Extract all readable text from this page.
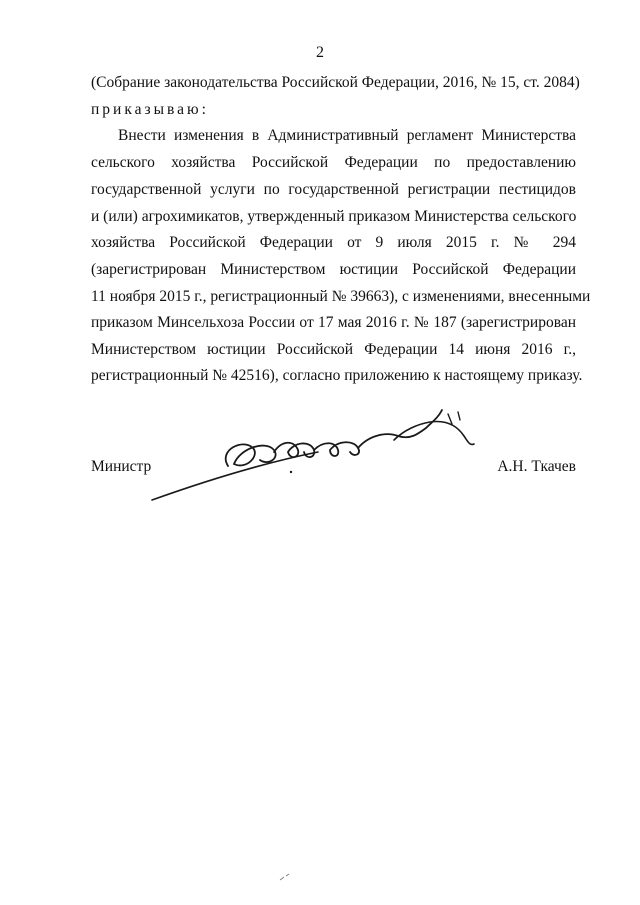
2
(Собрание законодательства Российской Федерации, 2016, № 15, ст. 2084)
приказываю:
Внести изменения в Административный регламент Министерства
сельского хозяйства Российской Федерации по предоставлению
государственной услуги по государственной регистрации пестицидов
и (или) агрохимикатов, утвержденный приказом Министерства сельского
хозяйства Российской Федерации от 9 июля 2015 г. № 294
(зарегистрирован Министерством юстиции Российской Федерации
11 ноября 2015 г., регистрационный № 39663), с изменениями, внесенными
приказом Минсельхоза России от 17 мая 2016 г. № 187 (зарегистрирован
Министерством юстиции Российской Федерации 14 июня 2016 г.,
регистрационный № 42516), согласно приложению к настоящему приказу.
Министр	А.Н. Ткачев
